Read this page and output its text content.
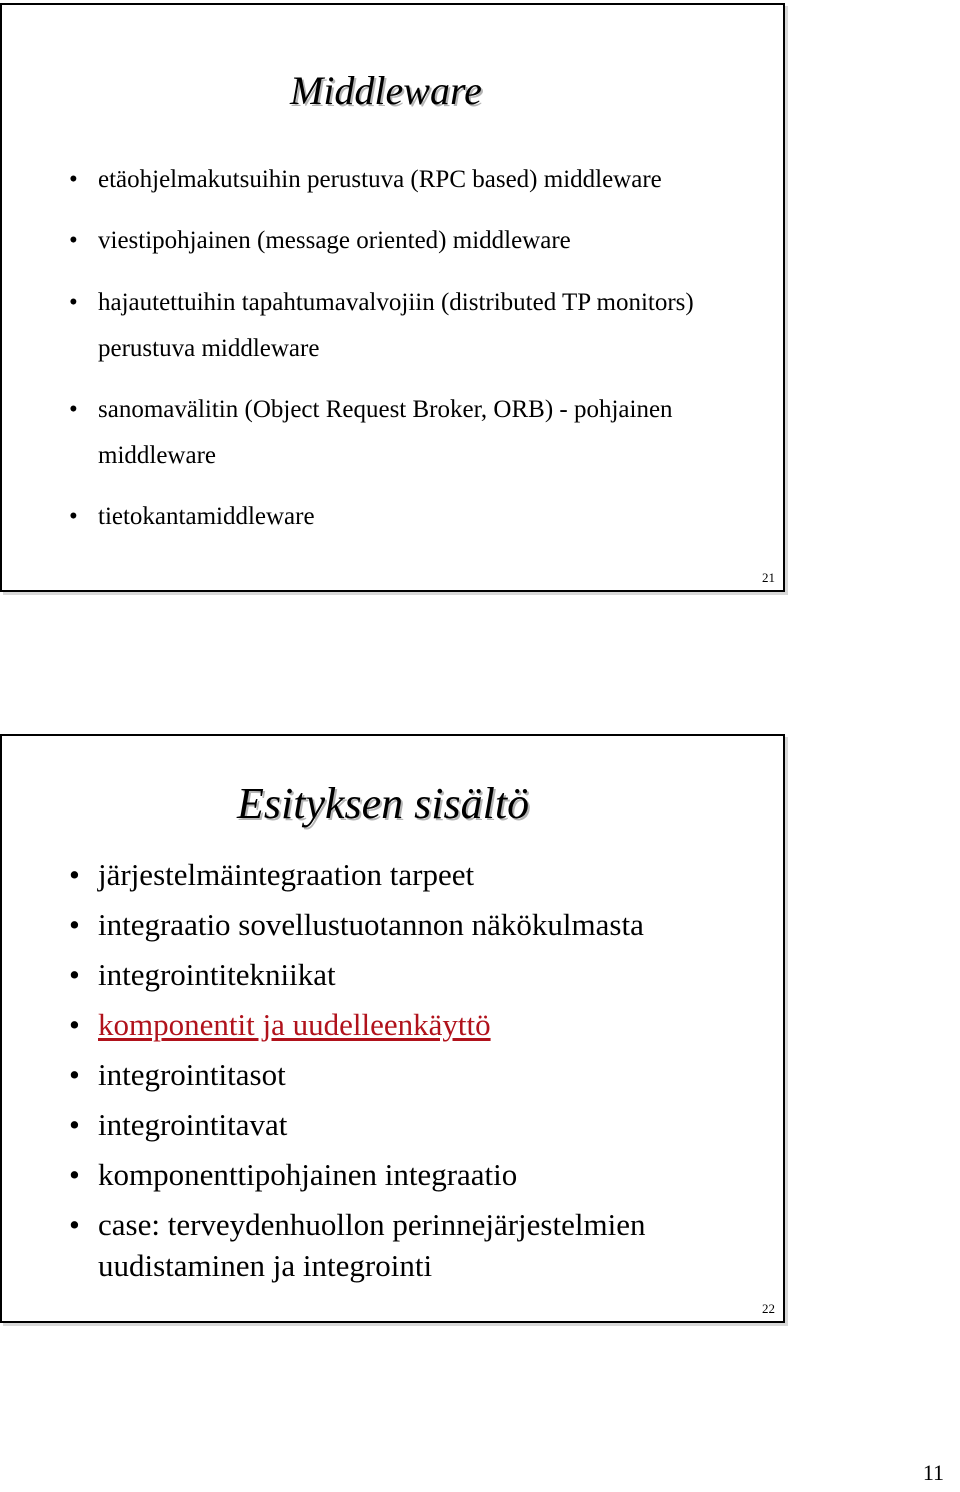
Middleware
• etäohjelmakutsuihin perustuva (RPC based) middleware
• viestipohjainen (message oriented) middleware
• hajautettuihin tapahtumavalvojiin (distributed TP monitors) perustuva middleware
• sanomavälitin (Object Request Broker, ORB) - pohjainen middleware
• tietokantamiddleware
21
Esityksen sisältö
• järjestelmäintegraation tarpeet
• integraatio sovellustuotannon näkökulmasta
• integrointitekniikat
• komponentit ja uudelleenkäyttö
• integrointitasot
• integrointitavat
• komponenttipohjainen integraatio
• case: terveydenhuollon perinnejärjestelmien uudistaminen ja integrointi
22
11
